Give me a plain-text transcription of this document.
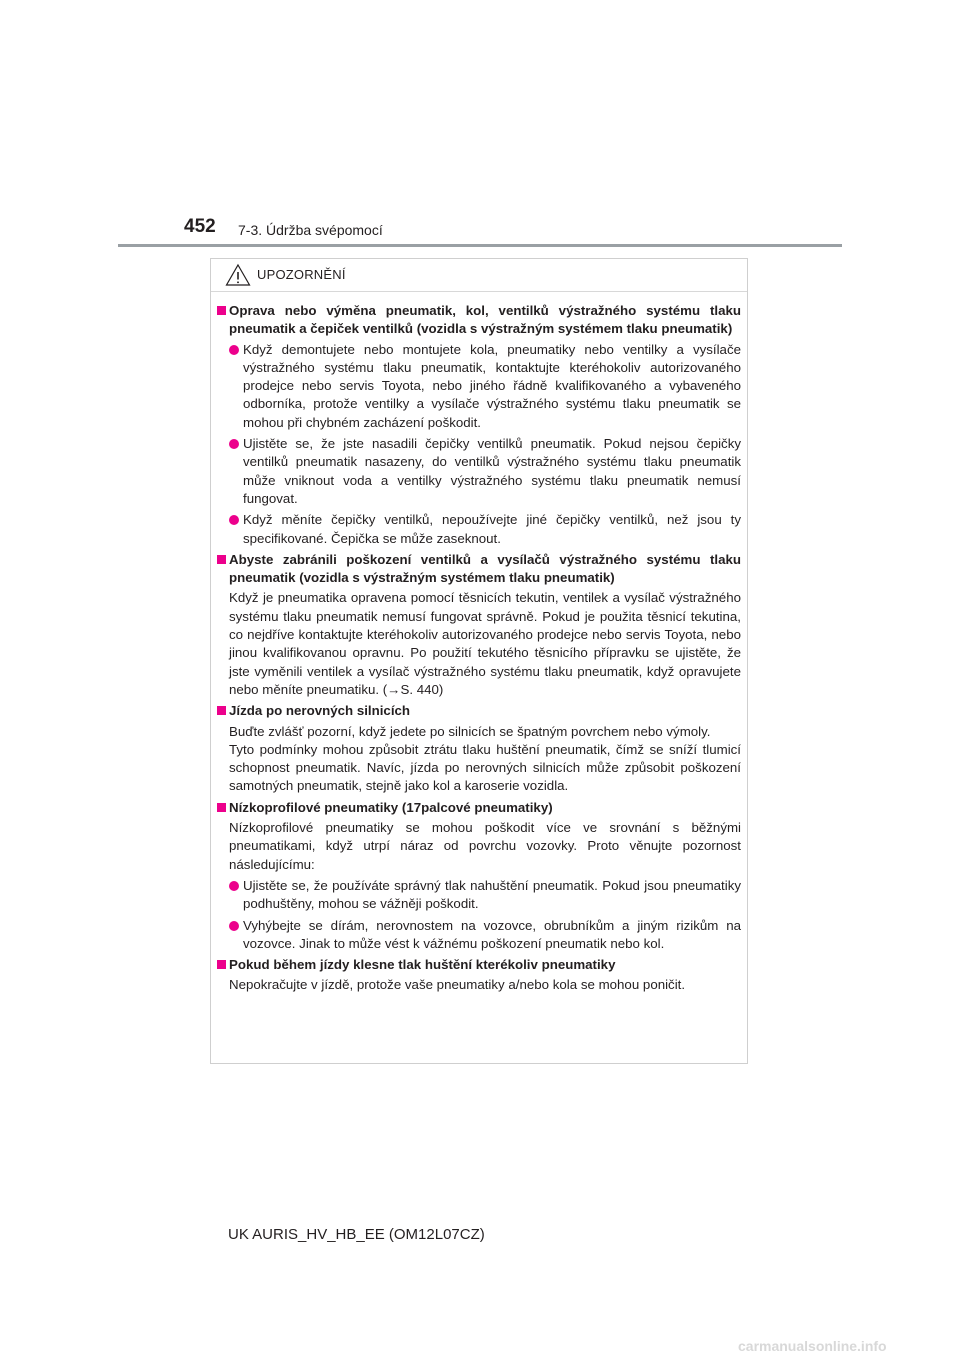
452 7-3. Údržba svépomocí
UPOZORNĚNÍ
Oprava nebo výměna pneumatik, kol, ventilků výstražného systému tlaku pneumatik a čepiček ventilků (vozidla s výstražným systémem tlaku pneumatik)
Když demontujete nebo montujete kola, pneumatiky nebo ventilky a vysílače výstražného systému tlaku pneumatik, kontaktujte kteréhokoliv autorizovaného prodejce nebo servis Toyota, nebo jiného řádně kvalifikovaného a vybaveného odborníka, protože ventilky a vysílače výstražného systému tlaku pneumatik se mohou při chybném zacházení poškodit.
Ujistěte se, že jste nasadili čepičky ventilků pneumatik. Pokud nejsou čepičky ventilků pneumatik nasazeny, do ventilků výstražného systému tlaku pneumatik může vniknout voda a ventilky výstražného systému tlaku pneumatik nemusí fungovat.
Když měníte čepičky ventilků, nepoužívejte jiné čepičky ventilků, než jsou ty specifikované. Čepička se může zaseknout.
Abyste zabránili poškození ventilků a vysílačů výstražného systému tlaku pneumatik (vozidla s výstražným systémem tlaku pneumatik)
Když je pneumatika opravena pomocí těsnicích tekutin, ventilek a vysílač výstražného systému tlaku pneumatik nemusí fungovat správně. Pokud je použita těsnicí tekutina, co nejdříve kontaktujte kteréhokoliv autorizovaného prodejce nebo servis Toyota, nebo jinou kvalifikovanou opravnu. Po použití tekutého těsnicího přípravku se ujistěte, že jste vyměnili ventilek a vysílač výstražného systému tlaku pneumatik, když opravujete nebo měníte pneumatiku. (→S. 440)
Jízda po nerovných silnicích
Buďte zvlášť pozorní, když jedete po silnicích se špatným povrchem nebo výmoly.
Tyto podmínky mohou způsobit ztrátu tlaku huštění pneumatik, čímž se sníží tlumicí schopnost pneumatik. Navíc, jízda po nerovných silnicích může způsobit poškození samotných pneumatik, stejně jako kol a karoserie vozidla.
Nízkoprofilové pneumatiky (17palcové pneumatiky)
Nízkoprofilové pneumatiky se mohou poškodit více ve srovnání s běžnými pneumatikami, když utrpí náraz od povrchu vozovky. Proto věnujte pozornost následujícímu:
Ujistěte se, že používáte správný tlak nahuštění pneumatik. Pokud jsou pneumatiky podhuštěny, mohou se vážněji poškodit.
Vyhýbejte se dírám, nerovnostem na vozovce, obrubníkům a jiným rizikům na vozovce. Jinak to může vést k vážnému poškození pneumatik nebo kol.
Pokud během jízdy klesne tlak huštění kterékoliv pneumatiky
Nepokračujte v jízdě, protože vaše pneumatiky a/nebo kola se mohou poničit.
UK AURIS_HV_HB_EE (OM12L07CZ)
carmanualsonline.info
